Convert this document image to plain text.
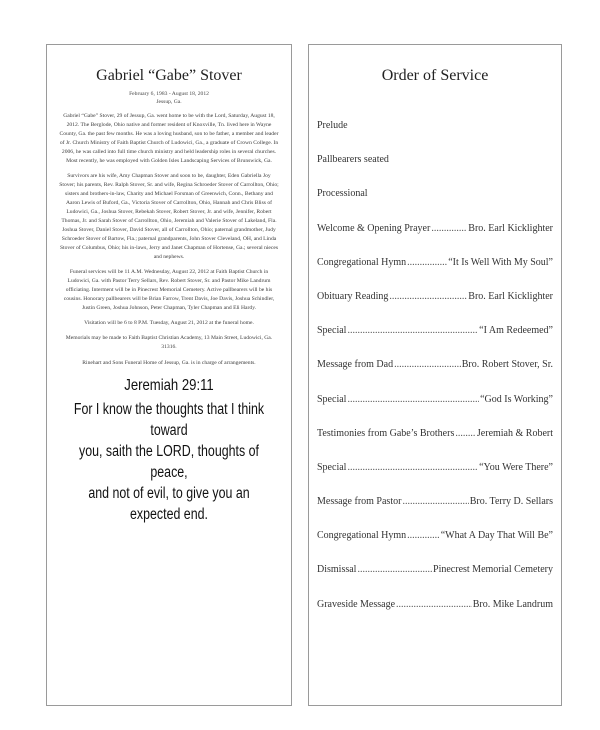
Gabriel “Gabe” Stover
February 6, 1983 - August 18, 2012
Jessup, Ga.

Gabriel “Gabe” Stover, 29 of Jessup, Ga. went home to be with the Lord, Saturday, August 18, 2012. The Berglode, Ohio native and former resident of Knoxville, Tn. lived here in Wayne County, Ga. the past few months. He was a loving husband, son to be father, a member and leader of Jr. Church Ministry of Faith Baptist Church of Ludowici, Ga., a graduate of Crown College. In 2006, he was called into full time church ministry and held leadership roles in several churches. Most recently, he was employed with Golden Isles Landscaping Services of Brunswick, Ga.

Survivors are his wife, Amy Chapman Stover and soon to be, daughter, Eden Gabriella Joy Stover; his parents, Rev. Ralph Stover, Sr. and wife, Regina Schroeder Stover of Carrollton, Ohio; sisters and brothers-in-law, Charity and Michael Forsman of Greenwich, Conn., Bethany and Aaron Lewis of Buford, Ga., Victoria Stover of Carrollton, Ohio, Hannah and Chris Bliss of Ludowici, Ga., Joshua Stover, Rebekah Stover, Robert Stover, Jr. and wife, Jennifer, Robert Thomas, Jr. and Sarah Stover of Carrollton, Ohio, Jeremiah and Valerie Stover of Lakeland, Fla. Joshua Stover, Daniel Stover, David Stover, all of Carrollton, Ohio; paternal grandmother, Judy Schroeder Stover of Bartow, Fla.; paternal grandparents, John Stover Cleveland, OH, and Linda Stover of Columbus, Ohio; his in-laws, Jerry and Janet Chapman of Hortense, Ga.; several nieces and nephews.

Funeral services will be 11 A.M. Wednesday, August 22, 2012 at Faith Baptist Church in Ludowici, Ga. with Pastor Terry Sellars, Rev. Robert Stover, Sr. and Pastor Mike Landrum officiating. Interment will be in Pinecrest Memorial Cemetery. Active pallbearers will be his cousins. Honorary pallbearers will be Brian Farrow, Trent Davis, Joe Davis, Joshua Schindler, Justin Green, Joshua Johnson, Peter Chapman, Tyler Chapman and Eli Hardy.

Visitation will be 6 to 8 P.M. Tuesday, August 21, 2012 at the funeral home.

Memorials may be made to Faith Baptist Christian Academy, 13 Main Street, Ludowici, Ga. 31316.

Rinehart and Sons Funeral Home of Jessup, Ga. is in charge of arrangements.

Jeremiah 29:11
For I know the thoughts that I think toward
you, saith the LORD, thoughts of peace,
and not of evil, to give you an expected end.
Order of Service
Prelude
Pallbearers seated
Processional
Welcome & Opening Prayer .....	Bro. Earl Kicklighter
Congregational Hymn .....	“It Is Well With My Soul”
Obituary Reading .....	Bro. Earl Kicklighter
Special .....	“I Am Redeemed”
Message from Dad .....	Bro. Robert Stover, Sr.
Special .....	“God Is Working”
Testimonies from Gabe’s Brothers ..... Jeremiah & Robert
Special .....	“You Were There”
Message from Pastor .....	Bro. Terry D. Sellars
Congregational Hymn .....	“What A Day That Will Be”
Dismissal .....	Pinecrest Memorial Cemetery
Graveside Message .....	Bro. Mike Landrum
